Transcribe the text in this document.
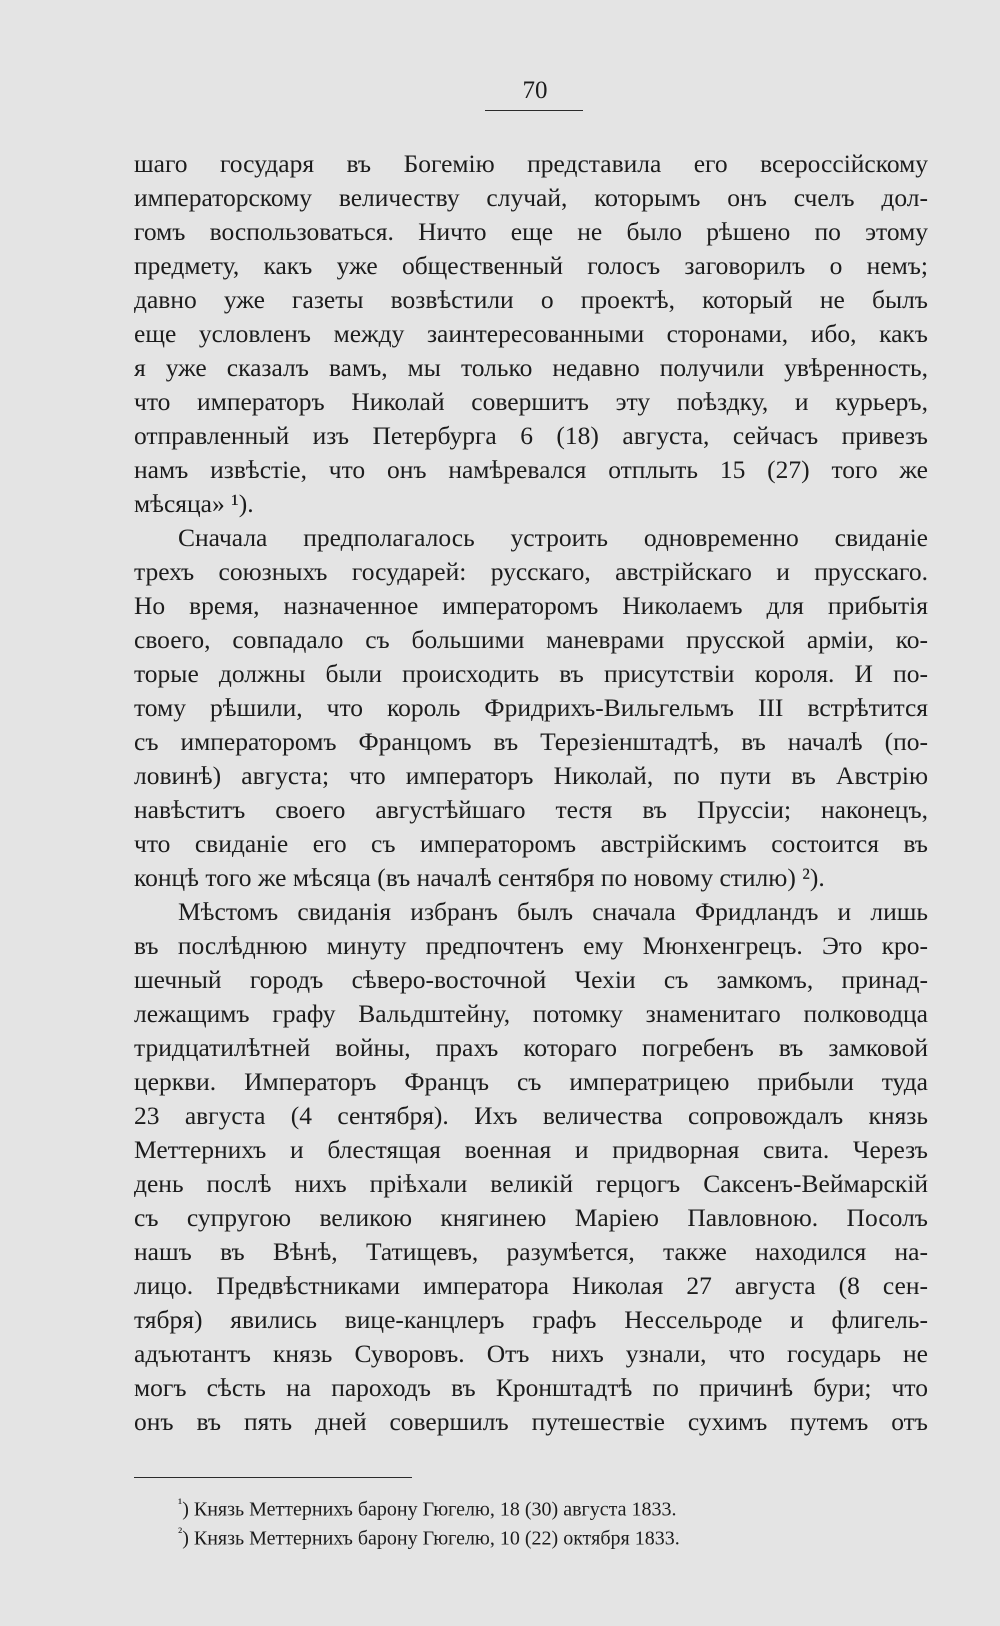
70
шаго государя въ Богемію представила его всероссійскому
императорскому величеству случай, которымъ онъ счелъ дол-
гомъ воспользоваться. Ничто еще не было рѣшено по этому
предмету, какъ уже общественный голосъ заговорилъ о немъ;
давно уже газеты возвѣстили о проектѣ, который не былъ
еще условленъ между заинтересованными сторонами, ибо, какъ
я уже сказалъ вамъ, мы только недавно получили увѣренность,
что императоръ Николай совершитъ эту поѣздку, и курьеръ,
отправленный изъ Петербурга 6 (18) августа, сейчасъ привезъ
намъ извѣстіе, что онъ намѣревался отплыть 15 (27) того же
мѣсяца» ¹).
Сначала предполагалось устроить одновременно свиданіе
трехъ союзныхъ государей: русскаго, австрійскаго и прусскаго.
Но время, назначенное императоромъ Николаемъ для прибытія
своего, совпадало съ большими маневрами прусской арміи, ко-
торые должны были происходить въ присутствіи короля. И по-
тому рѣшили, что король Фридрихъ-Вильгельмъ III встрѣтится
съ императоромъ Францомъ въ Терезіенштадтѣ, въ началѣ (по-
ловинѣ) августа; что императоръ Николай, по пути въ Австрію
навѣститъ своего августѣйшаго тестя въ Пруссіи; наконецъ,
что свиданіе его съ императоромъ австрійскимъ состоится въ
концѣ того же мѣсяца (въ началѣ сентября по новому стилю) ²).
Мѣстомъ свиданія избранъ былъ сначала Фридландъ и лишь
въ послѣднюю минуту предпочтенъ ему Мюнхенгрецъ. Это кро-
шечный городъ сѣверо-восточной Чехіи съ замкомъ, принад-
лежащимъ графу Вальдштейну, потомку знаменитаго полководца
тридцатилѣтней войны, прахъ котораго погребенъ въ замковой
церкви. Императоръ Францъ съ императрицею прибыли туда
23 августа (4 сентября). Ихъ величества сопровождалъ князь
Меттернихъ и блестящая военная и придворная свита. Черезъ
день послѣ нихъ пріѣхали великій герцогъ Саксенъ-Веймарскій
съ супругою великою княгинею Маріею Павловною. Посолъ
нашъ въ Вѣнѣ, Татищевъ, разумѣется, также находился на-
лицо. Предвѣстниками императора Николая 27 августа (8 сен-
тября) явились вице-канцлеръ графъ Нессельроде и флигель-
адъютантъ князь Суворовъ. Отъ нихъ узнали, что государь не
могъ сѣсть на пароходъ въ Кронштадтѣ по причинѣ бури; что
онъ въ пять дней совершилъ путешествіе сухимъ путемъ отъ
$^{^1}$) Князь Меттернихъ барону Гюгелю, 18 (30) августа 1833.
$^{^2}$) Князь Меттернихъ барону Гюгелю, 10 (22) октября 1833.
